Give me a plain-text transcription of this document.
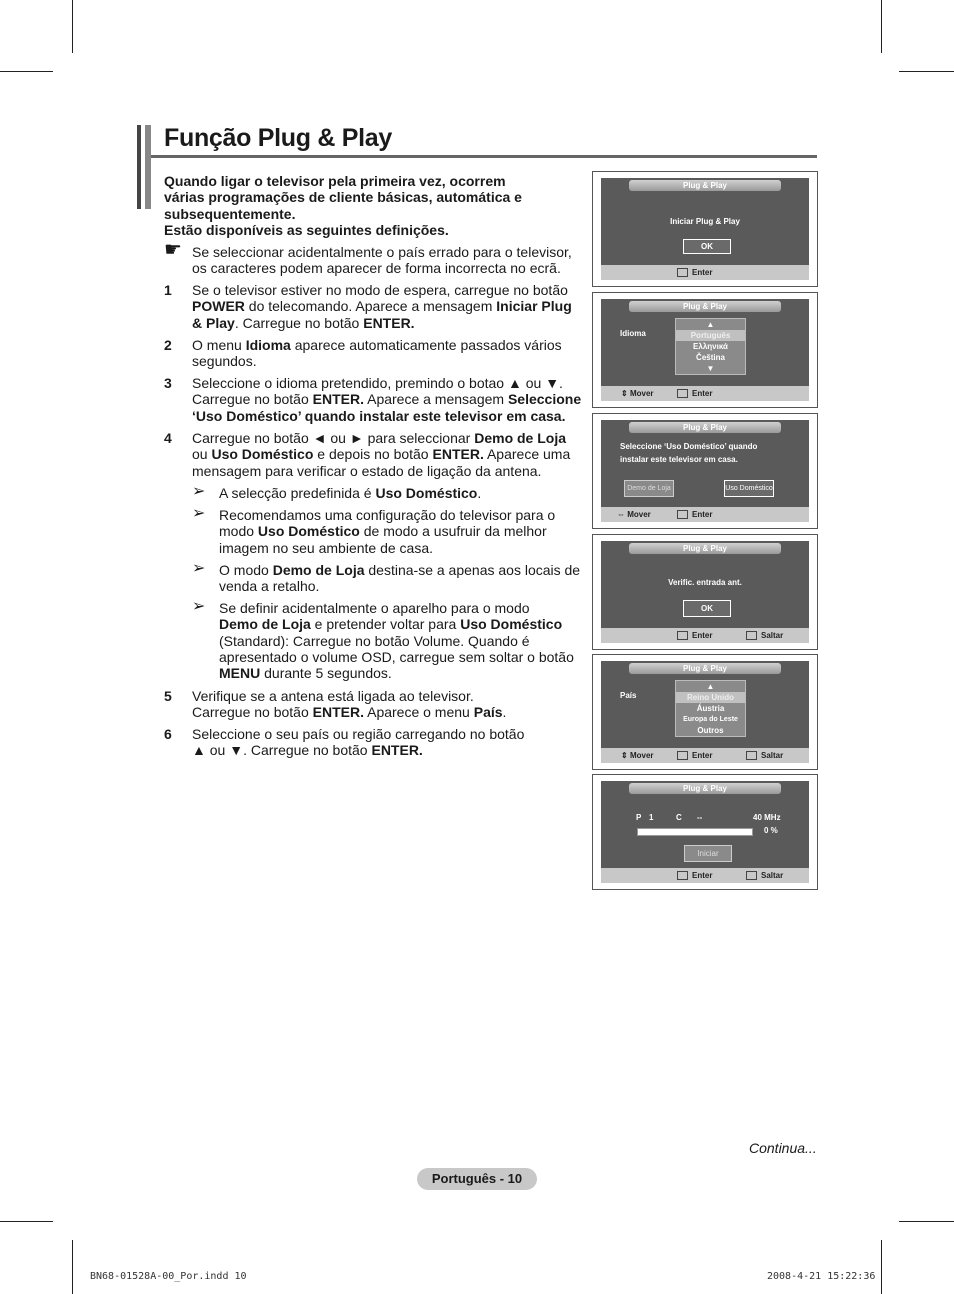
Função Plug & Play
Quando ligar o televisor pela primeira vez, ocorrem
várias programações de cliente básicas, automática e
subsequentemente.
Estão disponíveis as seguintes definições.
☛ Se seleccionar acidentalmente o país errado para o televisor,
os caracteres podem aparecer de forma incorrecta no ecrã.
1 Se o televisor estiver no modo de espera, carregue no botão
POWER do telecomando. Aparece a mensagem Iniciar Plug
& Play. Carregue no botão ENTER.
2 O menu Idioma aparece automaticamente passados vários
segundos.
3 Seleccione o idioma pretendido, premindo o botao ▲ ou ▼.
Carregue no botão ENTER. Aparece a mensagem Seleccione
‘Uso Doméstico’ quando instalar este televisor em casa.
4 Carregue no botão ◄ ou ► para seleccionar Demo de Loja
ou Uso Doméstico e depois no botão ENTER. Aparece uma
mensagem para verificar o estado de ligação da antena.
➢ A selecção predefinida é Uso Doméstico.
➢ Recomendamos uma configuração do televisor para o
modo Uso Doméstico de modo a usufruir da melhor
imagem no seu ambiente de casa.
➢ O modo Demo de Loja destina-se a apenas aos locais de
venda a retalho.
➢ Se definir acidentalmente o aparelho para o modo
Demo de Loja e pretender voltar para Uso Doméstico
(Standard): Carregue no botão Volume. Quando é
apresentado o volume OSD, carregue sem soltar o botão
MENU durante 5 segundos.
5 Verifique se a antena está ligada ao televisor.
Carregue no botão ENTER. Aparece o menu País.
6 Seleccione o seu país ou região carregando no botão
▲ ou ▼. Carregue no botão ENTER.
Plug & Play
Iniciar Plug & Play
OK
Enter
Plug & Play
Idioma
▲
Português
Ελληνικά
Čeština
▼
⇕ Mover	Enter
Plug & Play
Seleccione ‘Uso Doméstico’ quando
instalar este televisor em casa.
Demo de Loja	Uso Doméstico
⇔ Mover	Enter
Plug & Play
Verific. entrada ant.
OK
Enter	Saltar
Plug & Play
País
▲
Reino Unido
Áustria
Europa do Leste
Outros
⇕ Mover	Enter	Saltar
Plug & Play
P 1	C --	40 MHz
0 %
Iniciar
Enter	Saltar
Continua...
Português - 10
BN68-01528A-00_Por.indd 10	2008-4-21 15:22:36
